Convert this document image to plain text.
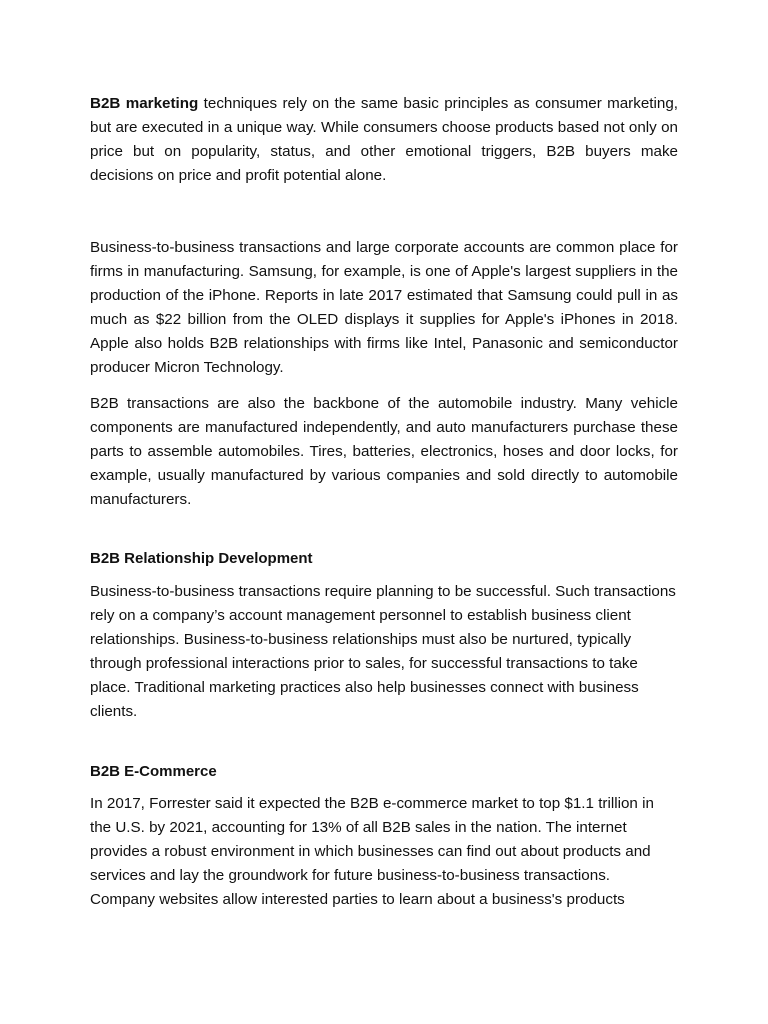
B2B marketing techniques rely on the same basic principles as consumer marketing, but are executed in a unique way. While consumers choose products based not only on price but on popularity, status, and other emotional triggers, B2B buyers make decisions on price and profit potential alone.

Business-to-business transactions and large corporate accounts are common place for firms in manufacturing. Samsung, for example, is one of Apple's largest suppliers in the production of the iPhone. Reports in late 2017 estimated that Samsung could pull in as much as $22 billion from the OLED displays it supplies for Apple's iPhones in 2018. Apple also holds B2B relationships with firms like Intel, Panasonic and semiconductor producer Micron Technology.

B2B transactions are also the backbone of the automobile industry. Many vehicle components are manufactured independently, and auto manufacturers purchase these parts to assemble automobiles. Tires, batteries, electronics, hoses and door locks, for example, usually manufactured by various companies and sold directly to automobile manufacturers.

B2B Relationship Development

Business-to-business transactions require planning to be successful. Such transactions rely on a company’s account management personnel to establish business client relationships. Business-to-business relationships must also be nurtured, typically through professional interactions prior to sales, for successful transactions to take place. Traditional marketing practices also help businesses connect with business clients.

B2B E-Commerce

In 2017, Forrester said it expected the B2B e-commerce market to top $1.1 trillion in the U.S. by 2021, accounting for 13% of all B2B sales in the nation. The internet provides a robust environment in which businesses can find out about products and services and lay the groundwork for future business-to-business transactions. Company websites allow interested parties to learn about a business's products
